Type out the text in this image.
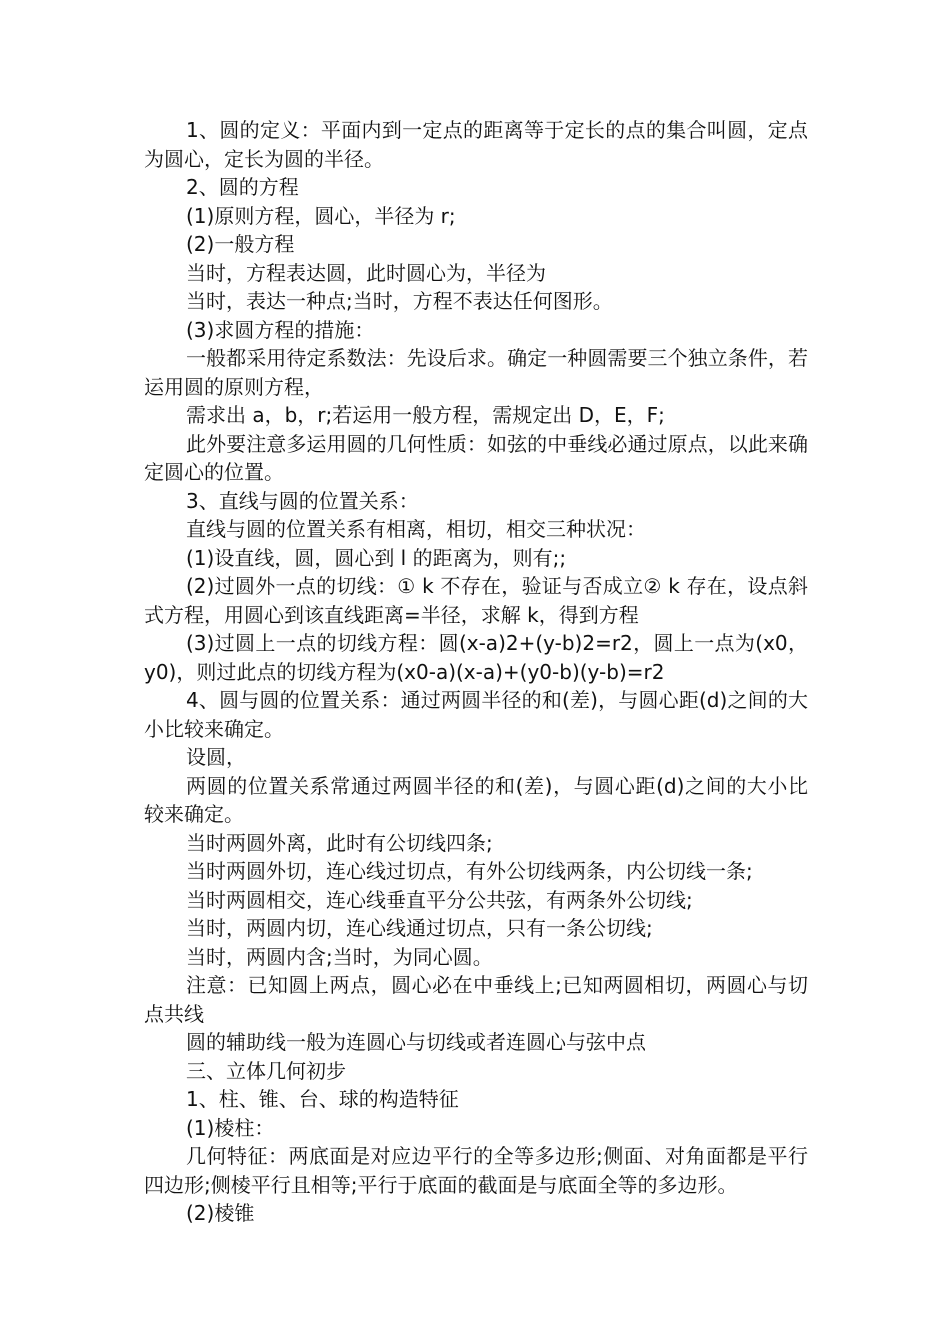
1、圆的定义：平面内到一定点的距离等于定长的点的集合叫圆，定点为圆心，定长为圆的半径。

2、圆的方程

(1)原则方程，圆心，半径为 r;

(2)一般方程

当时，方程表达圆，此时圆心为，半径为

当时，表达一种点;当时，方程不表达任何图形。

(3)求圆方程的措施：

一般都采用待定系数法：先设后求。确定一种圆需要三个独立条件，若运用圆的原则方程，

需求出 a，b，r;若运用一般方程，需规定出 D，E，F;

此外要注意多运用圆的几何性质：如弦的中垂线必通过原点，以此来确定圆心的位置。

3、直线与圆的位置关系：

直线与圆的位置关系有相离，相切，相交三种状况：

(1)设直线，圆，圆心到 l 的距离为，则有;;

(2)过圆外一点的切线：① k 不存在，验证与否成立② k 存在，设点斜式方程，用圆心到该直线距离=半径，求解 k，得到方程

(3)过圆上一点的切线方程：圆(x-a)2+(y-b)2=r2，圆上一点为(x0，y0)，则过此点的切线方程为(x0-a)(x-a)+(y0-b)(y-b)=r2

4、圆与圆的位置关系：通过两圆半径的和(差)，与圆心距(d)之间的大小比较来确定。

设圆，

两圆的位置关系常通过两圆半径的和(差)，与圆心距(d)之间的大小比较来确定。

当时两圆外离，此时有公切线四条;

当时两圆外切，连心线过切点，有外公切线两条，内公切线一条;

当时两圆相交，连心线垂直平分公共弦，有两条外公切线;

当时，两圆内切，连心线通过切点，只有一条公切线;

当时，两圆内含;当时，为同心圆。

注意：已知圆上两点，圆心必在中垂线上;已知两圆相切，两圆心与切点共线

圆的辅助线一般为连圆心与切线或者连圆心与弦中点

三、立体几何初步

1、柱、锥、台、球的构造特征

(1)棱柱：

几何特征：两底面是对应边平行的全等多边形;侧面、对角面都是平行四边形;侧棱平行且相等;平行于底面的截面是与底面全等的多边形。

(2)棱锥
